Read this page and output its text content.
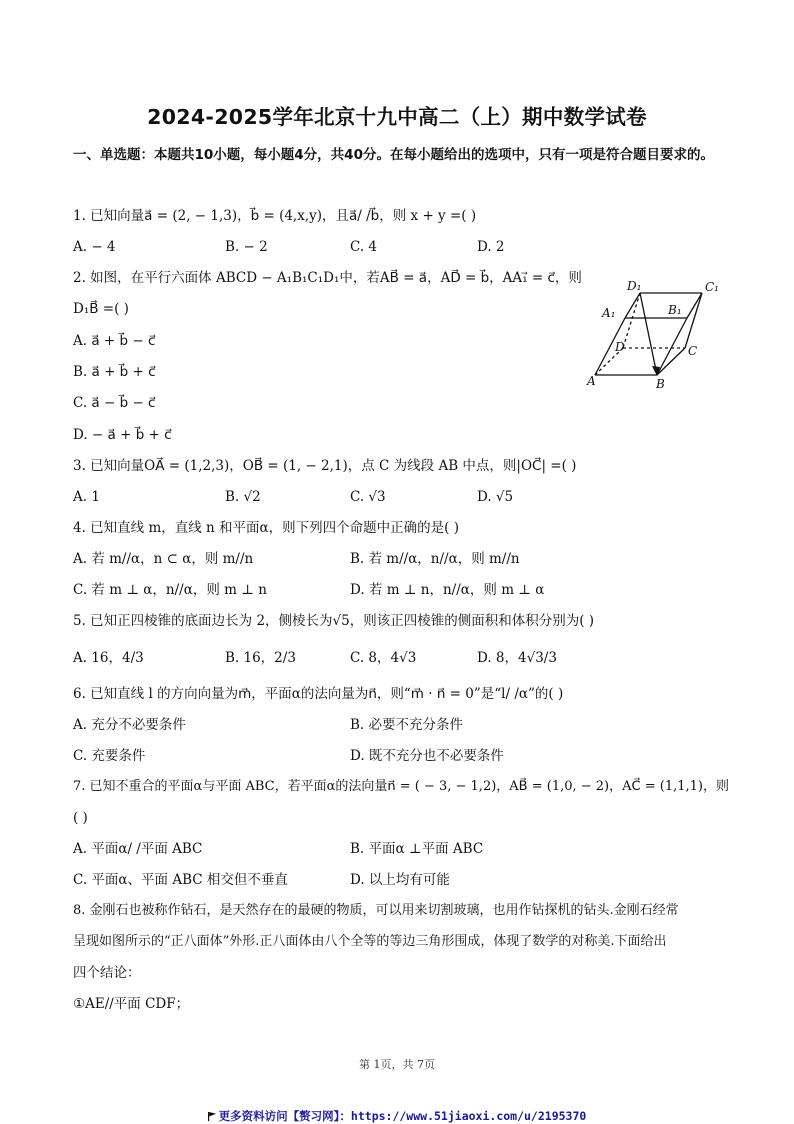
2024-2025学年北京十九中高二（上）期中数学试卷
一、单选题：本题共10小题，每小题4分，共40分。在每小题给出的选项中，只有一项是符合题目要求的。
1. 已知向量a⃗ = (2, − 1,3)，b⃗ = (4,x,y)，且a⃗/ /b⃗，则 x + y =( )
A. − 4	B. − 2	C. 4	D. 2
2. 如图，在平行六面体 ABCD − A₁B₁C₁D₁中，若AB⃗ = a⃗，AD⃗ = b⃗，AA₁⃗ = c⃗，则
D₁B⃗ =( )
A. a⃗ + b⃗ − c⃗
B. a⃗ + b⃗ + c⃗
C. a⃗ − b⃗ − c⃗
D. − a⃗ + b⃗ + c⃗
D₁	C₁
A₁	B₁
D	C
A	B
3. 已知向量OA⃗ = (1,2,3)，OB⃗ = (1, − 2,1)，点 C 为线段 AB 中点，则|OC⃗| =( )
A. 1	B. √2	C. √3	D. √5
4. 已知直线 m，直线 n 和平面α，则下列四个命题中正确的是( )
A. 若 m//α，n ⊂ α，则 m//n	B. 若 m//α，n//α，则 m//n
C. 若 m ⊥ α，n//α，则 m ⊥ n	D. 若 m ⊥ n，n//α，则 m ⊥ α
5. 已知正四棱锥的底面边长为 2，侧棱长为√5，则该正四棱锥的侧面积和体积分别为( )
A. 16，4/3	B. 16，2/3	C. 8，4√3	D. 8，4√3/3
6. 已知直线 l 的方向向量为m⃗，平面α的法向量为n⃗，则“m⃗ · n⃗ = 0”是“l/ /α”的( )
A. 充分不必要条件	B. 必要不充分条件
C. 充要条件	D. 既不充分也不必要条件
7. 已知不重合的平面α与平面 ABC，若平面α的法向量n⃗ = ( − 3, − 1,2)，AB⃗ = (1,0, − 2)，AC⃗ = (1,1,1)，则
( )
A. 平面α/ /平面 ABC	B. 平面α ⊥平面 ABC
C. 平面α、平面 ABC 相交但不垂直	D. 以上均有可能
8. 金刚石也被称作钻石，是天然存在的最硬的物质，可以用来切割玻璃，也用作钻探机的钻头.金刚石经常
呈现如图所示的“正八面体”外形.正八面体由八个全等的等边三角形围成，体现了数学的对称美.下面给出
四个结论：
①AE//平面 CDF；
第 1页，共 7页
更多资料访问【赘习网】：https://www.51jiaoxi.com/u/2195370
